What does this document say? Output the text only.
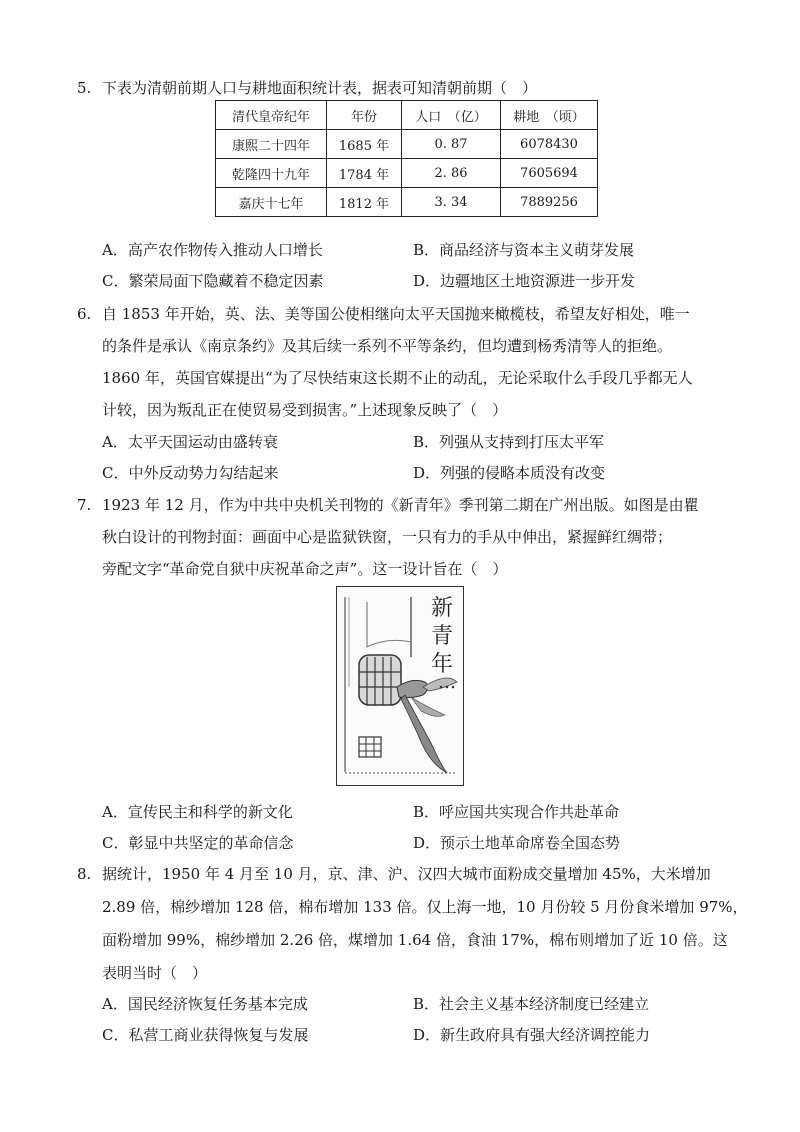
5. 下表为清朝前期人口与耕地面积统计表，据表可知清朝前期（　）
清代皇帝纪年	年份	人口　（亿）	耕地　（顷）
康熙二十四年	1685 年	0. 87	6078430
乾隆四十九年	1784 年	2. 86	7605694
嘉庆十七年	1812 年	3. 34	7889256
A．高产农作物传入推动人口增长	B．商品经济与资本主义萌芽发展
C．繁荣局面下隐藏着不稳定因素	D．边疆地区土地资源进一步开发
6. 自 1853 年开始，英、法、美等国公使相继向太平天国抛来橄榄枝，希望友好相处，唯一
的条件是承认《南京条约》及其后续一系列不平等条约，但均遭到杨秀清等人的拒绝。
1860 年，英国官媒提出“为了尽快结束这长期不止的动乱，无论采取什么手段几乎都无人
计较，因为叛乱正在使贸易受到损害。”上述现象反映了（　）
A．太平天国运动由盛转衰	B．列强从支持到打压太平军
C．中外反动势力勾结起来	D．列强的侵略本质没有改变
7. 1923 年 12 月，作为中共中央机关刊物的《新青年》季刊第二期在广州出版。如图是由瞿
秋白设计的刊物封面：画面中心是监狱铁窗，一只有力的手从中伸出，紧握鲜红绸带；
旁配文字“革命党自狱中庆祝革命之声”。这一设计旨在（　）
新
青
年
A．宣传民主和科学的新文化	B．呼应国共实现合作共赴革命
C．彰显中共坚定的革命信念	D．预示土地革命席卷全国态势
8. 据统计，1950 年 4 月至 10 月，京、津、沪、汉四大城市面粉成交量增加 45%，大米增加
2.89 倍，棉纱增加 128 倍，棉布增加 133 倍。仅上海一地，10 月份较 5 月份食米增加 97%，
面粉增加 99%，棉纱增加 2.26 倍，煤增加 1.64 倍，食油 17%，棉布则增加了近 10 倍。这
表明当时（　）
A．国民经济恢复任务基本完成	B．社会主义基本经济制度已经建立
C．私营工商业获得恢复与发展	D．新生政府具有强大经济调控能力
